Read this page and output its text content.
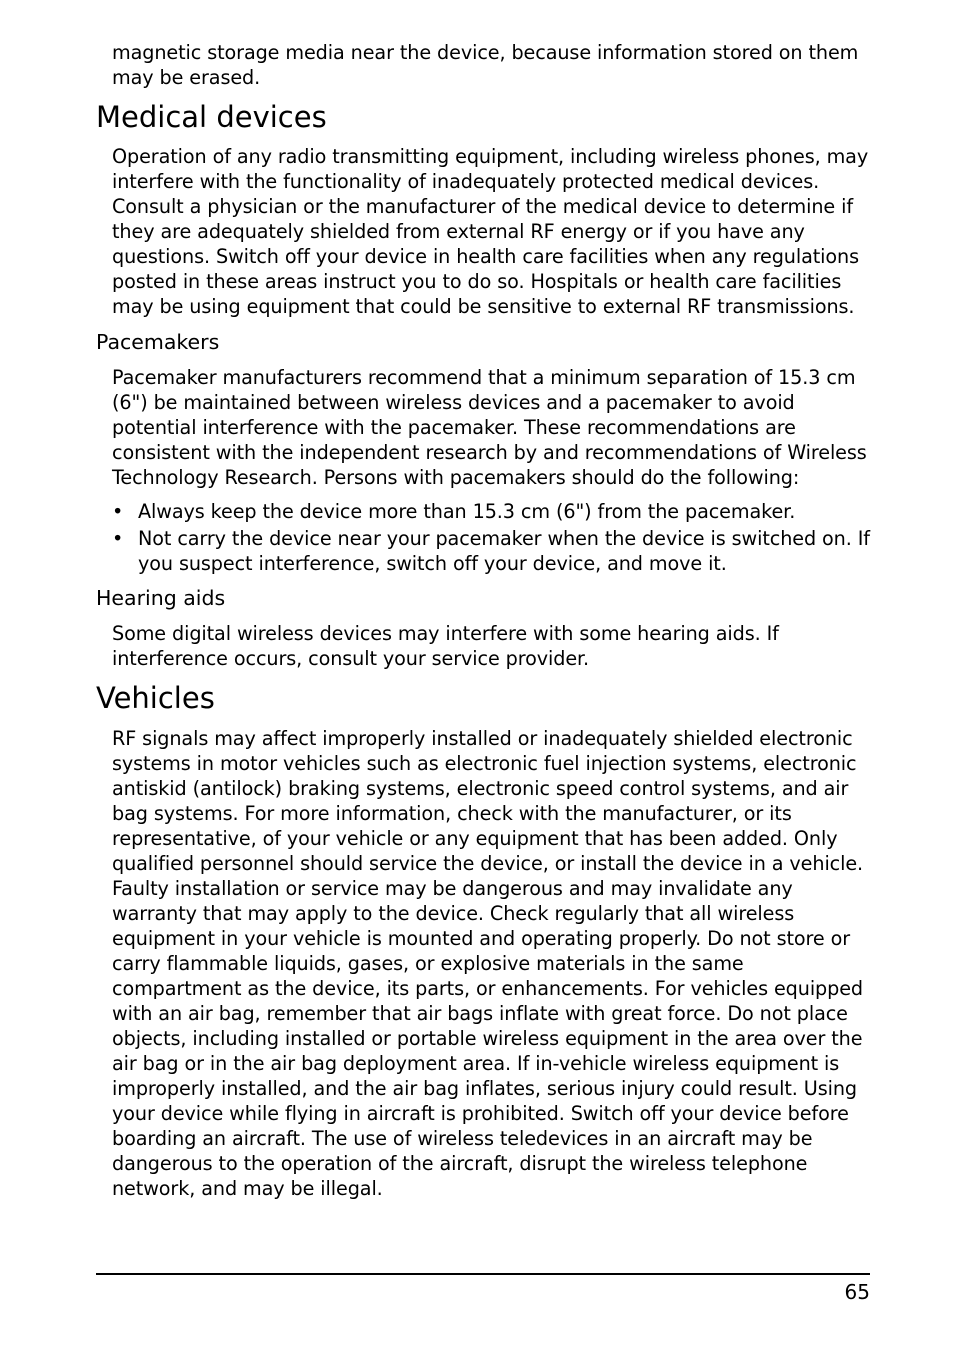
magnetic storage media near the device, because information stored on them may be erased.

Medical devices

Operation of any radio transmitting equipment, including wireless phones, may interfere with the functionality of inadequately protected medical devices. Consult a physician or the manufacturer of the medical device to determine if they are adequately shielded from external RF energy or if you have any questions. Switch off your device in health care facilities when any regulations posted in these areas instruct you to do so. Hospitals or health care facilities may be using equipment that could be sensitive to external RF transmissions.

Pacemakers

Pacemaker manufacturers recommend that a minimum separation of 15.3 cm (6") be maintained between wireless devices and a pacemaker to avoid potential interference with the pacemaker. These recommendations are consistent with the independent research by and recommendations of Wireless Technology Research. Persons with pacemakers should do the following:

• Always keep the device more than 15.3 cm (6") from the pacemaker.
• Not carry the device near your pacemaker when the device is switched on. If you suspect interference, switch off your device, and move it.
Hearing aids

Some digital wireless devices may interfere with some hearing aids. If interference occurs, consult your service provider.

Vehicles

RF signals may affect improperly installed or inadequately shielded electronic systems in motor vehicles such as electronic fuel injection systems, electronic antiskid (antilock) braking systems, electronic speed control systems, and air bag systems. For more information, check with the manufacturer, or its representative, of your vehicle or any equipment that has been added. Only qualified personnel should service the device, or install the device in a vehicle. Faulty installation or service may be dangerous and may invalidate any warranty that may apply to the device. Check regularly that all wireless equipment in your vehicle is mounted and operating properly. Do not store or carry flammable liquids, gases, or explosive materials in the same compartment as the device, its parts, or enhancements. For vehicles equipped with an air bag, remember that air bags inflate with great force. Do not place objects, including installed or portable wireless equipment in the area over the air bag or in the air bag deployment area. If in-vehicle wireless equipment is improperly installed, and the air bag inflates, serious injury could result. Using your device while flying in aircraft is prohibited. Switch off your device before boarding an aircraft. The use of wireless teledevices in an aircraft may be dangerous to the operation of the aircraft, disrupt the wireless telephone network, and may be illegal.

65
